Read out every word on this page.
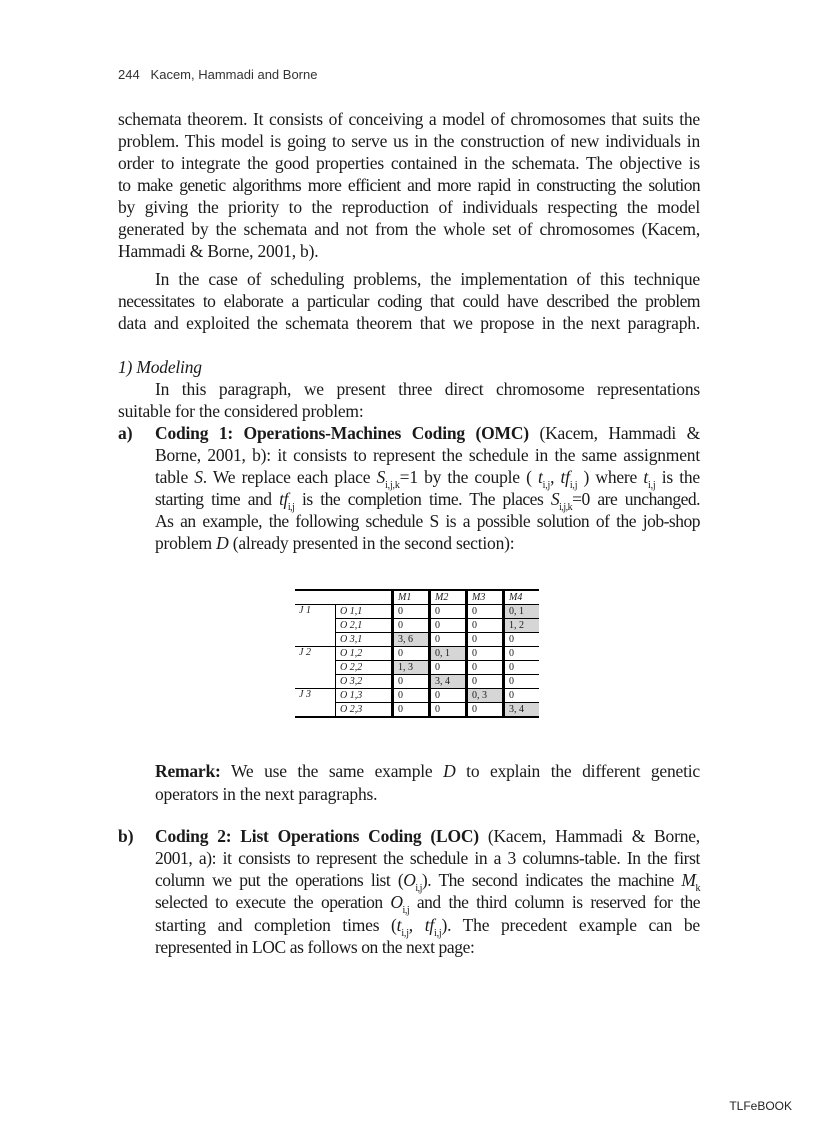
244 Kacem, Hammadi and Borne
schemata theorem. It consists of conceiving a model of chromosomes that suits the
problem. This model is going to serve us in the construction of new individuals in
order to integrate the good properties contained in the schemata. The objective is
to make genetic algorithms more efficient and more rapid in constructing the solution
by giving the priority to the reproduction of individuals respecting the model
generated by the schemata and not from the whole set of chromosomes (Kacem,
Hammadi & Borne, 2001, b).
In the case of scheduling problems, the implementation of this technique
necessitates to elaborate a particular coding that could have described the problem
data and exploited the schemata theorem that we propose in the next paragraph.
1) Modeling
In this paragraph, we present three direct chromosome representations
suitable for the considered problem:
a) Coding 1: Operations-Machines Coding (OMC) (Kacem, Hammadi &
Borne, 2001, b): it consists to represent the schedule in the same assignment
table S. We replace each place $S_{i,j,k}=1$ by the couple ( $t_{i,j}$, $tf_{i,j}$ ) where $t_{i,j}$ is the
starting time and $tf_{i,j}$ is the completion time. The places $S_{i,j,k}=0$ are unchanged.
As an example, the following schedule S is a possible solution of the job-shop
problem D (already presented in the second section):
		M1	M2	M3	M4
J 1	O 1,1	0	0	0	0, 1
	O 2,1	0	0	0	1, 2
	O 3,1	3, 6	0	0	0
J 2	O 1,2	0	0, 1	0	0
	O 2,2	1, 3	0	0	0
	O 3,2	0	3, 4	0	0
J 3	O 1,3	0	0	0, 3	0
	O 2,3	0	0	0	3, 4
Remark: We use the same example D to explain the different genetic
operators in the next paragraphs.
b) Coding 2: List Operations Coding (LOC) (Kacem, Hammadi & Borne,
2001, a): it consists to represent the schedule in a 3 columns-table. In the first
column we put the operations list $(O_{i,j})$. The second indicates the machine $M_k$
selected to execute the operation $O_{i,j}$ and the third column is reserved for the
starting and completion times ($t_{i,j}$, $tf_{i,j}$). The precedent example can be
represented in LOC as follows on the next page:
TLFeBOOK
